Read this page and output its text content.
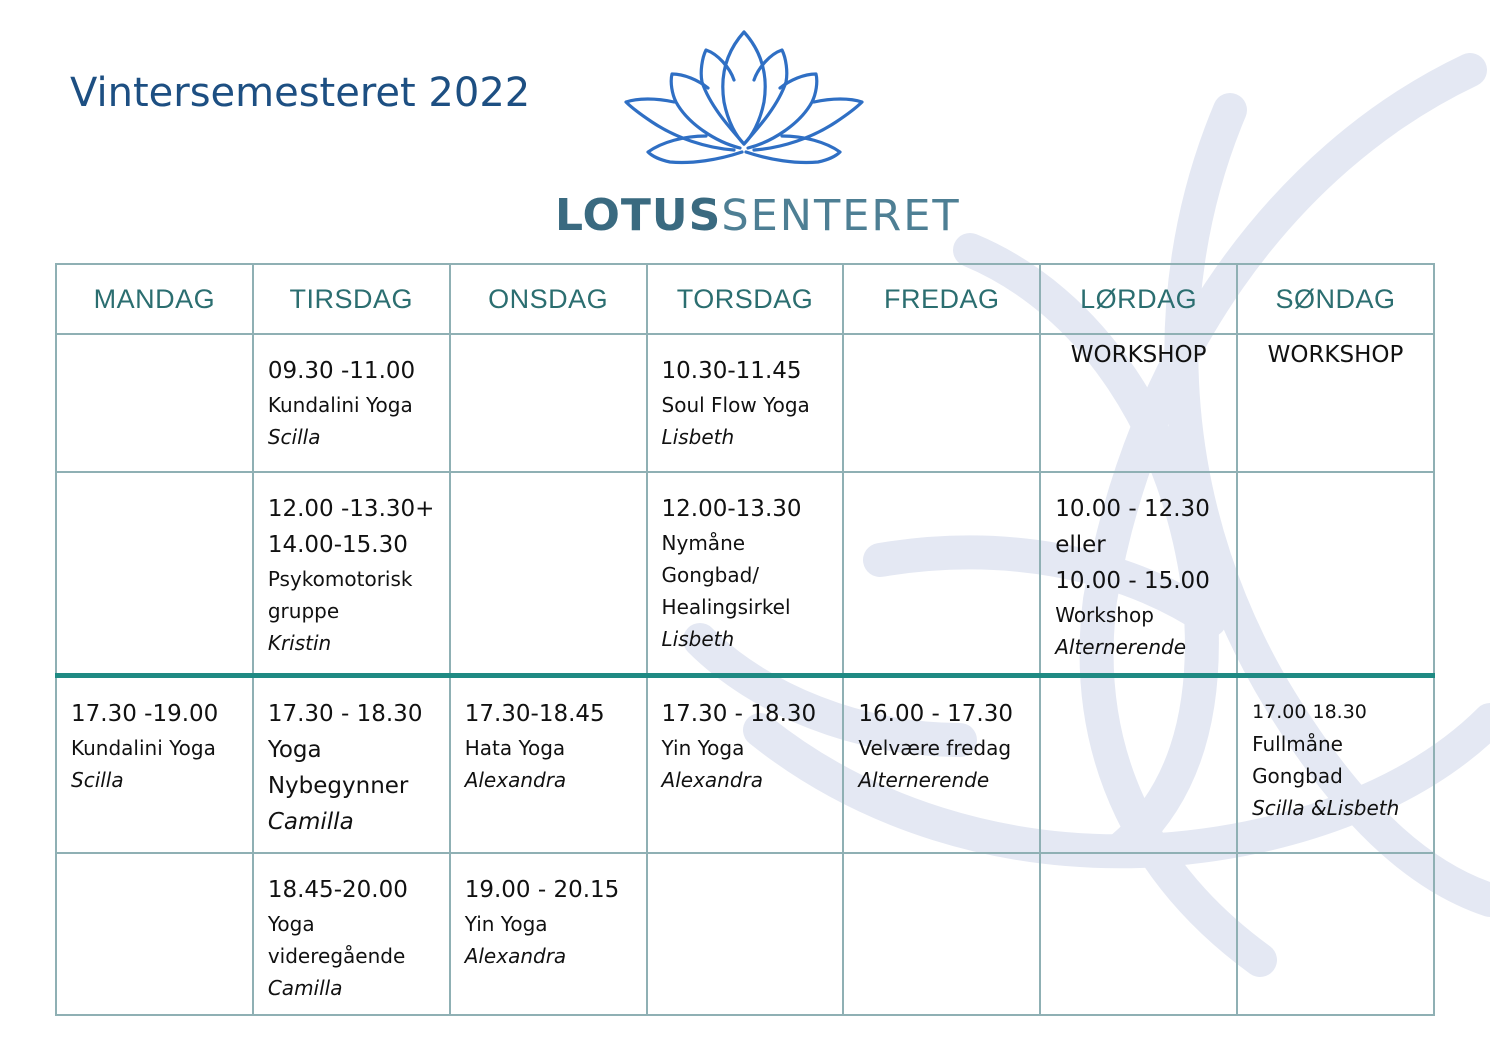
Vintersemesteret 2022
LOTUSSENTERET
MANDAG	TIRSDAG	ONSDAG	TORSDAG	FREDAG	LØRDAG	SØNDAG

	09.30 -11.00
Kundalini Yoga
Scilla		10.30-11.45
Soul Flow Yoga
Lisbeth		WORKSHOP	WORKSHOP

	12.00 -13.30+
14.00-15.30
Psykomotorisk
gruppe
Kristin		12.00-13.30
Nymåne
Gongbad/
Healingsirkel
Lisbeth		10.00 - 12.30
eller
10.00 - 15.00
Workshop
Alternerende	

17.30 -19.00
Kundalini Yoga
Scilla	17.30 - 18.30
Yoga
Nybegynner
Camilla	17.30-18.45
Hata Yoga
Alexandra	17.30 - 18.30
Yin Yoga
Alexandra	16.00 - 17.30
Velvære fredag
Alternerende		17.00 18.30
Fullmåne
Gongbad
Scilla &Lisbeth

	18.45-20.00
Yoga
videregående
Camilla	19.00 - 20.15
Yin Yoga
Alexandra				
